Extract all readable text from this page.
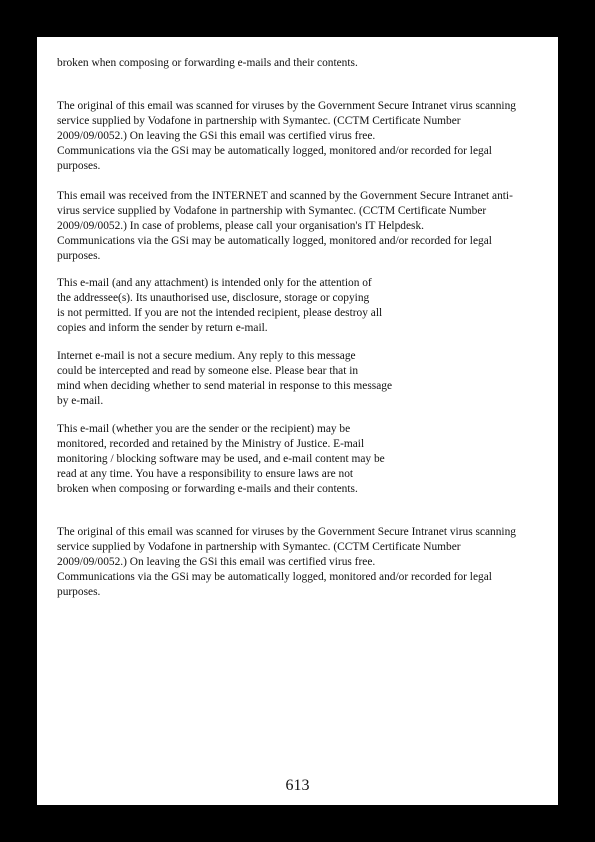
broken when composing or forwarding e-mails and their contents.

The original of this email was scanned for viruses by the Government Secure Intranet virus scanning
service supplied by Vodafone in partnership with Symantec. (CCTM Certificate Number
2009/09/0052.) On leaving the GSi this email was certified virus free.
Communications via the GSi may be automatically logged, monitored and/or recorded for legal
purposes.

This email was received from the INTERNET and scanned by the Government Secure Intranet anti-
virus service supplied by Vodafone in partnership with Symantec. (CCTM Certificate Number
2009/09/0052.) In case of problems, please call your organisation's IT Helpdesk.
Communications via the GSi may be automatically logged, monitored and/or recorded for legal
purposes.

This e-mail (and any attachment) is intended only for the attention of
the addressee(s). Its unauthorised use, disclosure, storage or copying
is not permitted. If you are not the intended recipient, please destroy all
copies and inform the sender by return e-mail.

Internet e-mail is not a secure medium. Any reply to this message
could be intercepted and read by someone else. Please bear that in
mind when deciding whether to send material in response to this message
by e-mail.

This e-mail (whether you are the sender or the recipient) may be
monitored, recorded and retained by the Ministry of Justice. E-mail
monitoring / blocking software may be used, and e-mail content may be
read at any time. You have a responsibility to ensure laws are not
broken when composing or forwarding e-mails and their contents.

The original of this email was scanned for viruses by the Government Secure Intranet virus scanning
service supplied by Vodafone in partnership with Symantec. (CCTM Certificate Number
2009/09/0052.) On leaving the GSi this email was certified virus free.
Communications via the GSi may be automatically logged, monitored and/or recorded for legal
purposes.

613
